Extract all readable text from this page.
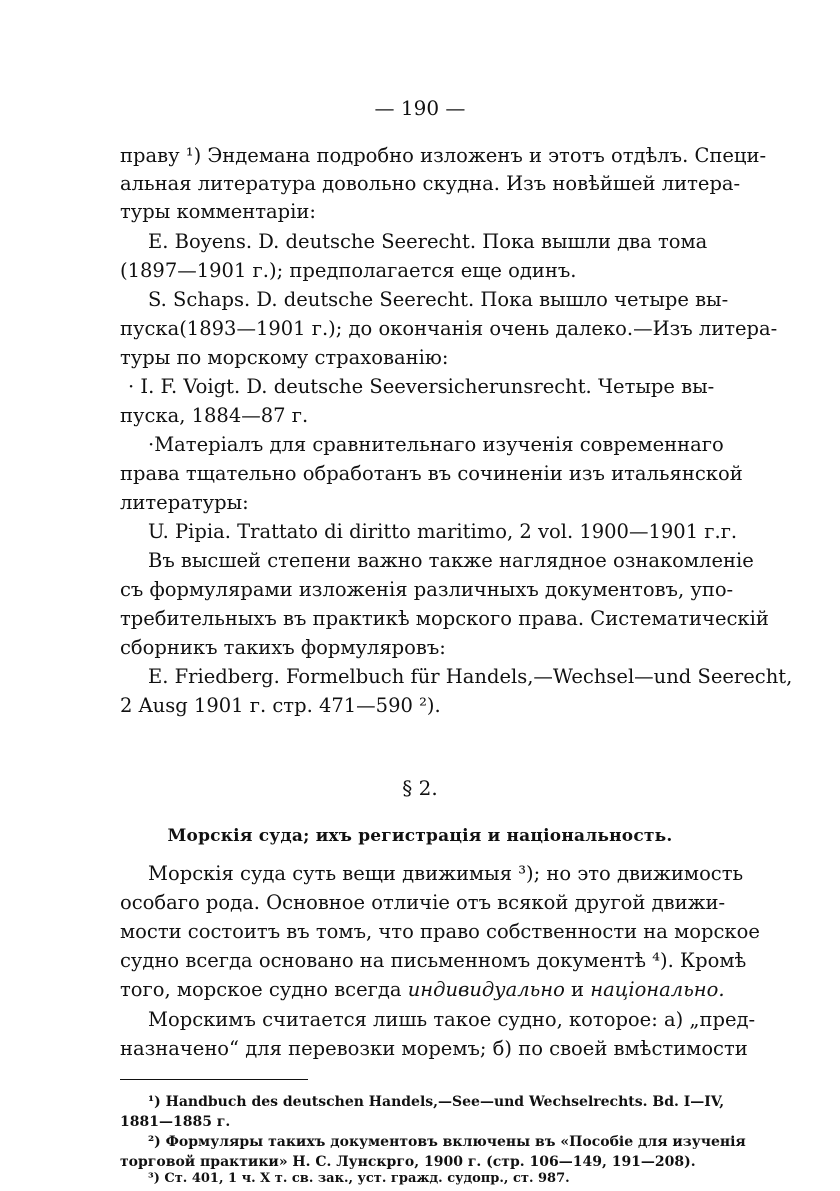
— 190 —
праву ¹) Эндемана подробно изложенъ и этотъ отдѣлъ. Специ-
альная литература довольно скудна. Изъ новѣйшей литера-
туры комментарiи:
E. Boyens. D. deutsche Seerecht. Пока вышли два тома
(1897—1901 г.); предполагается еще одинъ.
S. Schaps. D. deutsche Seerecht. Пока вышло четыре вы-
пуска(1893—1901 г.); до окончанiя очень далеко.—Изъ литера-
туры по морскому страхованiю:
· I. F. Voigt. D. deutsche Seeversicherunsrecht. Четыре вы-
пуска, 1884—87 г.
·Матерiалъ для сравнительнаго изученiя современнаго
права тщательно обработанъ въ сочиненiи изъ итальянской
литературы:
U. Pipia. Trattato di diritto maritimo, 2 vol. 1900—1901 г.г.
Въ высшей степени важно также наглядное ознакомленiе
съ формулярами изложенiя различныхъ документовъ, упо-
требительныхъ въ практикѣ морского права. Систематическiй
сборникъ такихъ формуляровъ:
E. Friedberg. Formelbuch für Handels,—Wechsel—und Seerecht,
2 Ausg 1901 г. стр. 471—590 ²).
§ 2.
Морскiя суда; ихъ регистрацiя и нацiональность.
Морскiя суда суть вещи движимыя ³); но это движимость
особаго рода. Основное отличiе отъ всякой другой движи-
мости состоитъ въ томъ, что право собственности на морское
судно всегда основано на письменномъ документѣ ⁴). Кромѣ
того, морское судно всегда индивидуально и нацiонально.
Морскимъ считается лишь такое судно, которое: а) „пред-
назначено“ для перевозки моремъ; б) по своей вмѣстимости
¹) Handbuch des deutschen Handels,—See—und Wechselrechts. Bd. I—IV,
1881—1885 г.
²) Формуляры такихъ документовъ включены въ «Пособiе для изученiя
торговой практики» Н. С. Лунскрго, 1900 г. (стр. 106—149, 191—208).
³) Ст. 401, 1 ч. X т. св. зак., уст. гражд. судопр., ст. 987.
